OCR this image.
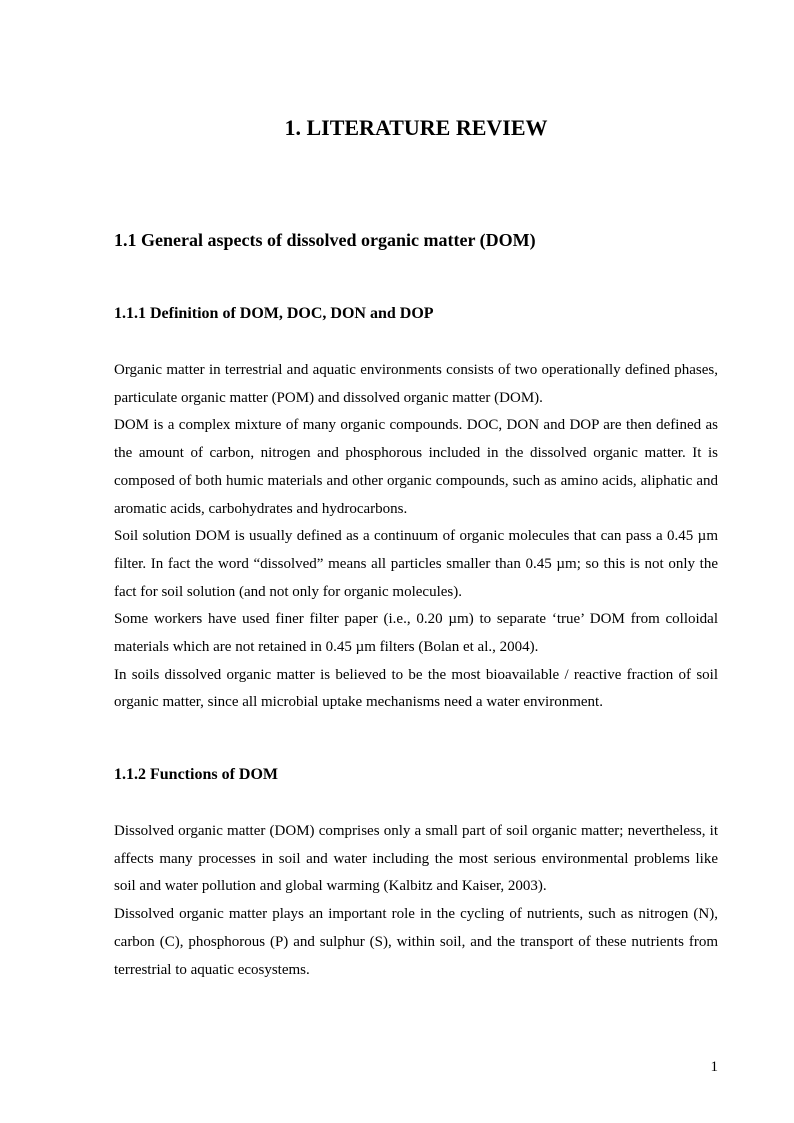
1. LITERATURE REVIEW
1.1 General aspects of dissolved organic matter (DOM)
1.1.1 Definition of DOM, DOC, DON and DOP

Organic matter in terrestrial and aquatic environments consists of two operationally defined phases, particulate organic matter (POM) and dissolved organic matter (DOM).

DOM is a complex mixture of many organic compounds. DOC, DON and DOP are then defined as the amount of carbon, nitrogen and phosphorous included in the dissolved organic matter. It is composed of both humic materials and other organic compounds, such as amino acids, aliphatic and aromatic acids, carbohydrates and hydrocarbons.

Soil solution DOM is usually defined as a continuum of organic molecules that can pass a 0.45 µm filter. In fact the word “dissolved” means all particles smaller than 0.45 µm; so this is not only the fact for soil solution (and not only for organic molecules).

Some workers have used finer filter paper (i.e., 0.20 µm) to separate ‘true’ DOM from colloidal materials which are not retained in 0.45 µm filters (Bolan et al., 2004).

In soils dissolved organic matter is believed to be the most bioavailable / reactive fraction of soil organic matter, since all microbial uptake mechanisms need a water environment.

1.1.2 Functions of DOM

Dissolved organic matter (DOM) comprises only a small part of soil organic matter; nevertheless, it affects many processes in soil and water including the most serious environmental problems like soil and water pollution and global warming (Kalbitz and Kaiser, 2003).

Dissolved organic matter plays an important role in the cycling of nutrients, such as nitrogen (N), carbon (C), phosphorous (P) and sulphur (S), within soil, and the transport of these nutrients from terrestrial to aquatic ecosystems.

1
